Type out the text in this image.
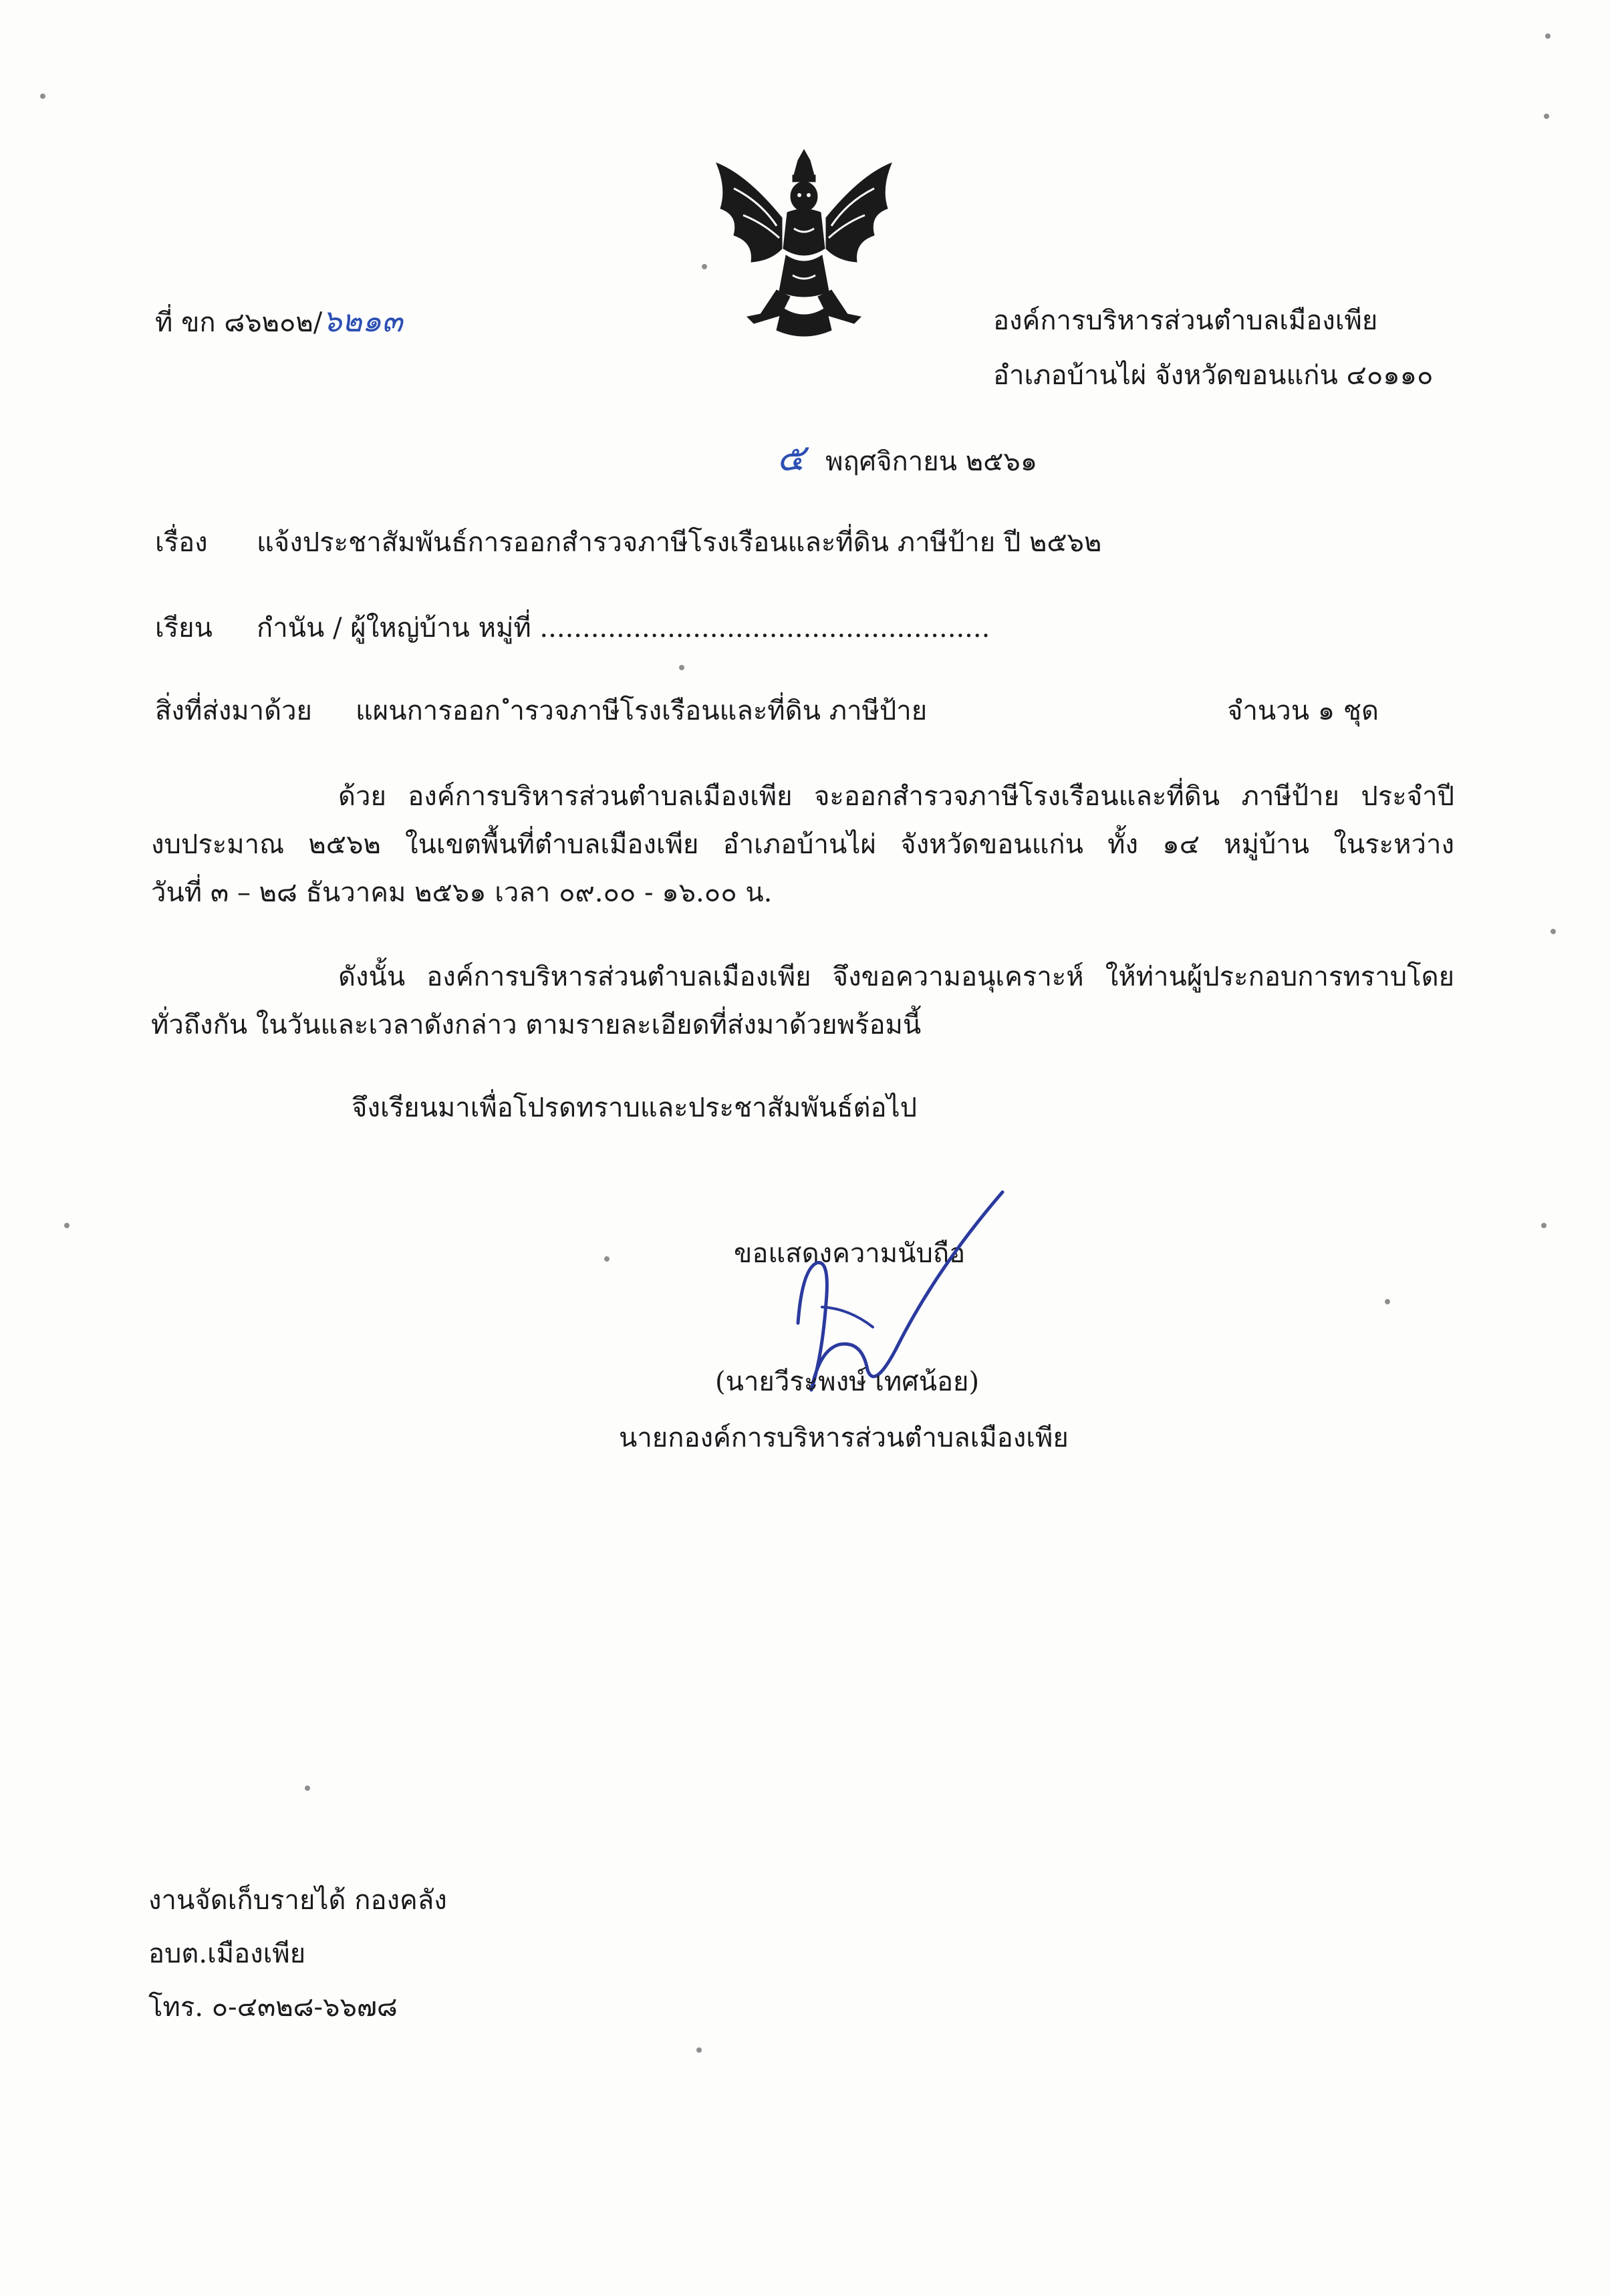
ที่ ขก ๘๖๒๐๒/๖๒๑๓	องค์การบริหารส่วนตำบลเมืองเพีย
อำเภอบ้านไผ่ จังหวัดขอนแก่น ๔๐๑๑๐
๕ พฤศจิกายน ๒๕๖๑
เรื่อง แจ้งประชาสัมพันธ์การออกสำรวจภาษีโรงเรือนและที่ดิน ภาษีป้าย ปี ๒๕๖๒
เรียน กำนัน / ผู้ใหญ่บ้าน หมู่ที่ .....................................................
สิ่งที่ส่งมาด้วย แผนการออก ำรวจภาษีโรงเรือนและที่ดิน ภาษีป้าย	จำนวน ๑ ชุด
ด้วย องค์การบริหารส่วนตำบลเมืองเพีย จะออกสำรวจภาษีโรงเรือนและที่ดิน ภาษีป้าย ประจำปี
งบประมาณ ๒๕๖๒ ในเขตพื้นที่ตำบลเมืองเพีย อำเภอบ้านไผ่ จังหวัดขอนแก่น ทั้ง ๑๔ หมู่บ้าน ในระหว่าง
วันที่ ๓ – ๒๘ ธันวาคม ๒๕๖๑ เวลา ๐๙.๐๐ - ๑๖.๐๐ น.
ดังนั้น องค์การบริหารส่วนตำบลเมืองเพีย จึงขอความอนุเคราะห์ ให้ท่านผู้ประกอบการทราบโดย
ทั่วถึงกัน ในวันและเวลาดังกล่าว ตามรายละเอียดที่ส่งมาด้วยพร้อมนี้
จึงเรียนมาเพื่อโปรดทราบและประชาสัมพันธ์ต่อไป
ขอแสดงความนับถือ
(นายวีระพงษ์ เทศน้อย)
นายกองค์การบริหารส่วนตำบลเมืองเพีย
งานจัดเก็บรายได้ กองคลัง
อบต.เมืองเพีย
โทร. ๐-๔๓๒๘-๖๖๗๘
